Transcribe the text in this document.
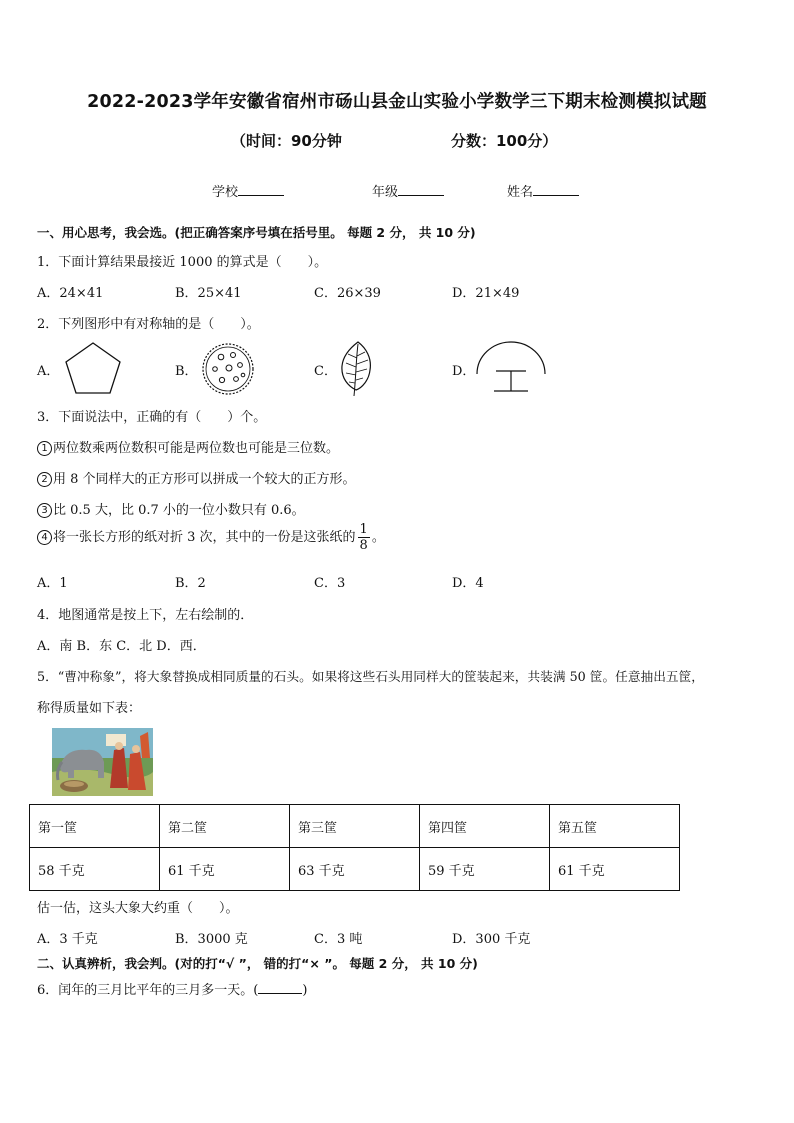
2022-2023学年安徽省宿州市砀山县金山实验小学数学三下期末检测模拟试题
（时间：90分钟	分数：100分）
学校	年级	姓名
一、用心思考，我会选。(把正确答案序号填在括号里。 每题 2 分， 共 10 分)
1．下面计算结果最接近 1000 的算式是（　　）。
A．24×41	B．25×41	C．26×39	D．21×49
2．下列图形中有对称轴的是（　　）。
A．	B．	C．	D．
3．下面说法中，正确的有（　　）个。
1 两位数乘两位数积可能是两位数也可能是三位数。
2 用 8 个同样大的正方形可以拼成一个较大的正方形。
3 比 0.5 大，比 0.7 小的一位小数只有 0.6。
4 将一张长方形的纸对折 3 次，其中的一份是这张纸的 $\frac{1}{8}$ 。
A．1	B．2	C．3	D．4
4．地图通常是按上下，左右绘制的．
A．南 B．东 C．北 D．西．
5．“曹冲称象”，将大象替换成相同质量的石头。如果将这些石头用同样大的筐装起来，共装满 50 筐。任意抽出五筐，
称得质量如下表：
第一筐	第二筐	第三筐	第四筐	第五筐
58 千克	61 千克	63 千克	59 千克	61 千克
估一估，这头大象大约重（　　）。
A．3 千克	B．3000 克	C．3 吨	D．300 千克
二、认真辨析，我会判。(对的打“√ ”， 错的打“× ”。 每题 2 分， 共 10 分)
6．闰年的三月比平年的三月多一天。(	)
